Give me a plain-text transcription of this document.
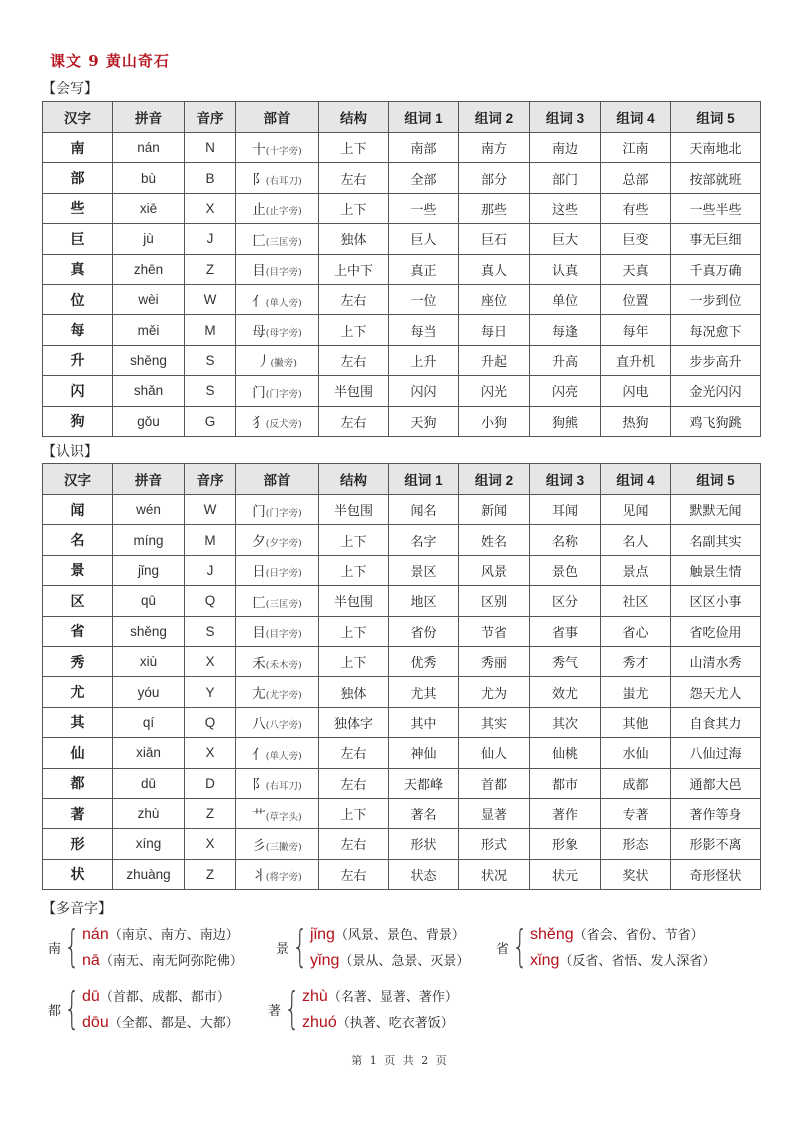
课文 9 黄山奇石
【会写】
汉字	拼音	音序	部首	结构	组词 1	组词 2	组词 3	组词 4	组词 5
南	nán	N	十(十字旁)	上下	南部	南方	南边	江南	天南地北
部	bù	B	阝(右耳刀)	左右	全部	部分	部门	总部	按部就班
些	xiē	X	止(止字旁)	上下	一些	那些	这些	有些	一些半些
巨	jù	J	匚(三匡旁)	独体	巨人	巨石	巨大	巨变	事无巨细
真	zhēn	Z	目(目字旁)	上中下	真正	真人	认真	天真	千真万确
位	wèi	W	亻(单人旁)	左右	一位	座位	单位	位置	一步到位
每	měi	M	母(母字旁)	上下	每当	每日	每逢	每年	每况愈下
升	shēng	S	丿(撇旁)	左右	上升	升起	升高	直升机	步步高升
闪	shǎn	S	门(门字旁)	半包围	闪闪	闪光	闪亮	闪电	金光闪闪
狗	gǒu	G	犭(反犬旁)	左右	天狗	小狗	狗熊	热狗	鸡飞狗跳
【认识】
汉字	拼音	音序	部首	结构	组词 1	组词 2	组词 3	组词 4	组词 5
闻	wén	W	门(门字旁)	半包围	闻名	新闻	耳闻	见闻	默默无闻
名	míng	M	夕(夕字旁)	上下	名字	姓名	名称	名人	名副其实
景	jǐng	J	日(日字旁)	上下	景区	风景	景色	景点	触景生情
区	qū	Q	匚(三匡旁)	半包围	地区	区别	区分	社区	区区小事
省	shěng	S	目(目字旁)	上下	省份	节省	省事	省心	省吃俭用
秀	xiù	X	禾(禾木旁)	上下	优秀	秀丽	秀气	秀才	山清水秀
尤	yóu	Y	尢(尤字旁)	独体	尤其	尤为	效尤	蚩尤	怨天尤人
其	qí	Q	八(八字旁)	独体字	其中	其实	其次	其他	自食其力
仙	xiān	X	亻(单人旁)	左右	神仙	仙人	仙桃	水仙	八仙过海
都	dū	D	阝(右耳刀)	左右	天都峰	首都	都市	成都	通都大邑
著	zhù	Z	艹(草字头)	上下	著名	显著	著作	专著	著作等身
形	xíng	X	彡(三撇旁)	左右	形状	形式	形象	形态	形影不离
状	zhuàng	Z	丬(将字旁)	左右	状态	状况	状元	奖状	奇形怪状
【多音字】
南 { nán（南京、南方、南边）
nā（南无、南无阿弥陀佛）
景 { jǐng（风景、景色、背景）
yǐng（景从、急景、灭景）
省 { shěng（省会、省份、节省）
xǐng（反省、省悟、发人深省）
都 { dū（首都、成都、都市）
dōu（全都、都是、大都）
著 { zhù（名著、显著、著作）
zhuó（执著、吃衣著饭）
第 1 页 共 2 页
